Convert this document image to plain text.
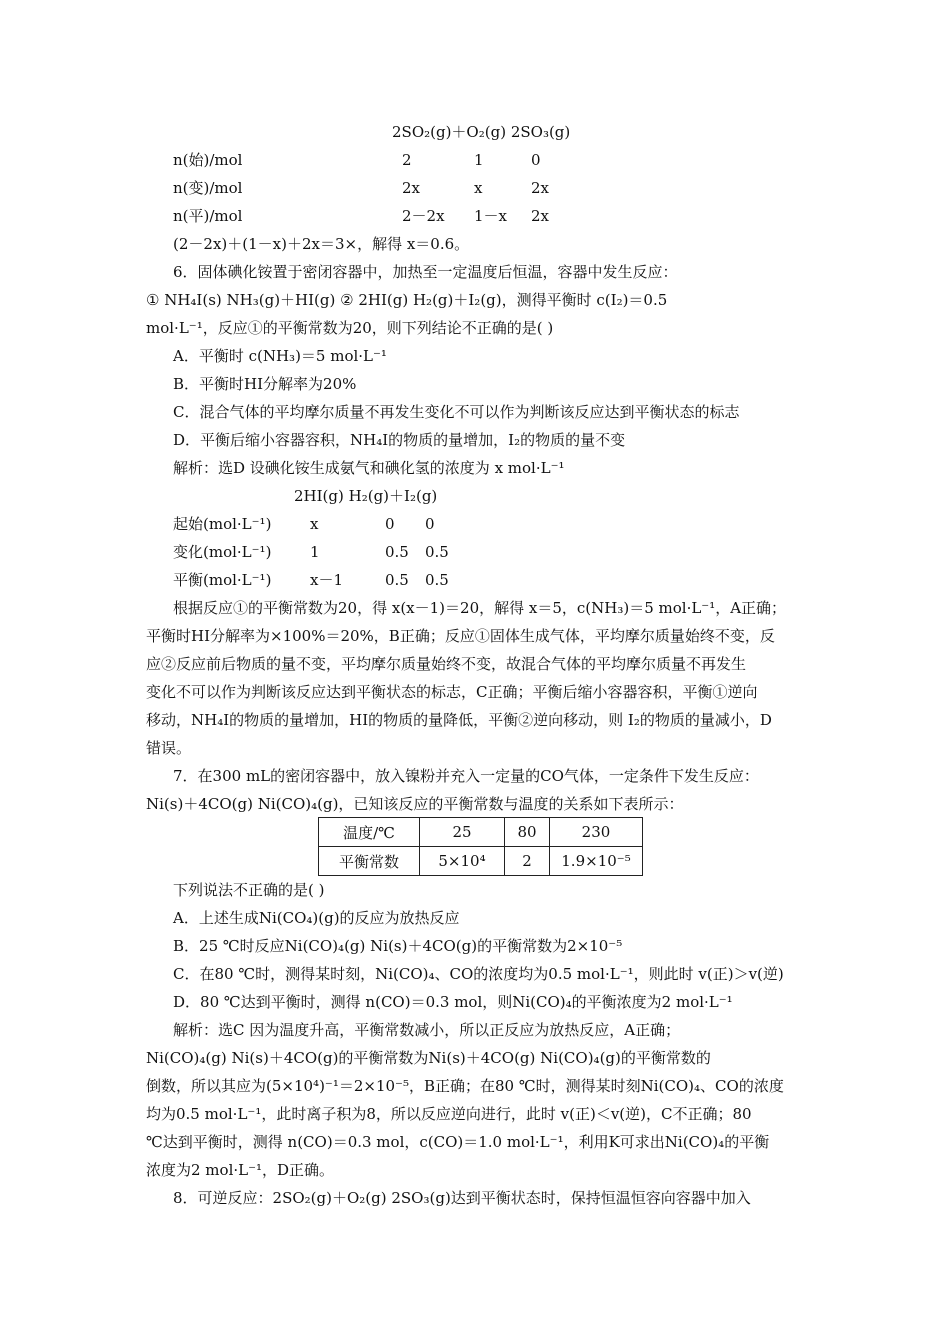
2SO₂(g)＋O₂(g) 2SO₃(g)
n(始)/mol	2	1	0
n(变)/mol	2x	x	2x
n(平)/mol	2－2x 1－x 2x
(2－2x)＋(1－x)＋2x＝3×，解得 x＝0.6。
6．固体碘化铵置于密闭容器中，加热至一定温度后恒温，容器中发生反应：
① NH₄I(s) NH₃(g)＋HI(g) ② 2HI(g) H₂(g)＋I₂(g)，测得平衡时 c(I₂)＝0.5
mol·L⁻¹，反应①的平衡常数为20，则下列结论不正确的是( )
A．平衡时 c(NH₃)＝5 mol·L⁻¹
B．平衡时HI分解率为20%
C．混合气体的平均摩尔质量不再发生变化不可以作为判断该反应达到平衡状态的标志
D．平衡后缩小容器容积，NH₄I的物质的量增加，I₂的物质的量不变
解析：选D 设碘化铵生成氨气和碘化氢的浓度为 x mol·L⁻¹
2HI(g) H₂(g)＋I₂(g)
起始(mol·L⁻¹)	x	0 0
变化(mol·L⁻¹)	1	0.5 0.5
平衡(mol·L⁻¹)	x－1	0.5 0.5
根据反应①的平衡常数为20，得 x(x－1)＝20，解得 x＝5，c(NH₃)＝5 mol·L⁻¹，A正确；
平衡时HI分解率为×100%＝20%，B正确；反应①固体生成气体，平均摩尔质量始终不变，反
应②反应前后物质的量不变，平均摩尔质量始终不变，故混合气体的平均摩尔质量不再发生
变化不可以作为判断该反应达到平衡状态的标志，C正确；平衡后缩小容器容积，平衡①逆向
移动，NH₄I的物质的量增加，HI的物质的量降低，平衡②逆向移动，则 I₂的物质的量减小，D
错误。
7．在300 mL的密闭容器中，放入镍粉并充入一定量的CO气体，一定条件下发生反应：
Ni(s)＋4CO(g) Ni(CO)₄(g)，已知该反应的平衡常数与温度的关系如下表所示：
温度/℃	25	80	230
平衡常数	5×10⁴	2	1.9×10⁻⁵
下列说法不正确的是( )
A．上述生成Ni(CO₄)(g)的反应为放热反应
B．25 ℃时反应Ni(CO)₄(g) Ni(s)＋4CO(g)的平衡常数为2×10⁻⁵
C．在80 ℃时，测得某时刻，Ni(CO)₄、CO的浓度均为0.5 mol·L⁻¹，则此时 v(正)＞v(逆)
D．80 ℃达到平衡时，测得 n(CO)＝0.3 mol，则Ni(CO)₄的平衡浓度为2 mol·L⁻¹
解析：选C 因为温度升高，平衡常数减小，所以正反应为放热反应，A正确；
Ni(CO)₄(g) Ni(s)＋4CO(g)的平衡常数为Ni(s)＋4CO(g) Ni(CO)₄(g)的平衡常数的
倒数，所以其应为(5×10⁴)⁻¹＝2×10⁻⁵，B正确；在80 ℃时，测得某时刻Ni(CO)₄、CO的浓度
均为0.5 mol·L⁻¹，此时离子积为8，所以反应逆向进行，此时 v(正)＜v(逆)，C不正确；80
℃达到平衡时，测得 n(CO)＝0.3 mol，c(CO)＝1.0 mol·L⁻¹，利用K可求出Ni(CO)₄的平衡
浓度为2 mol·L⁻¹，D正确。
8．可逆反应：2SO₂(g)＋O₂(g) 2SO₃(g)达到平衡状态时，保持恒温恒容向容器中加入
